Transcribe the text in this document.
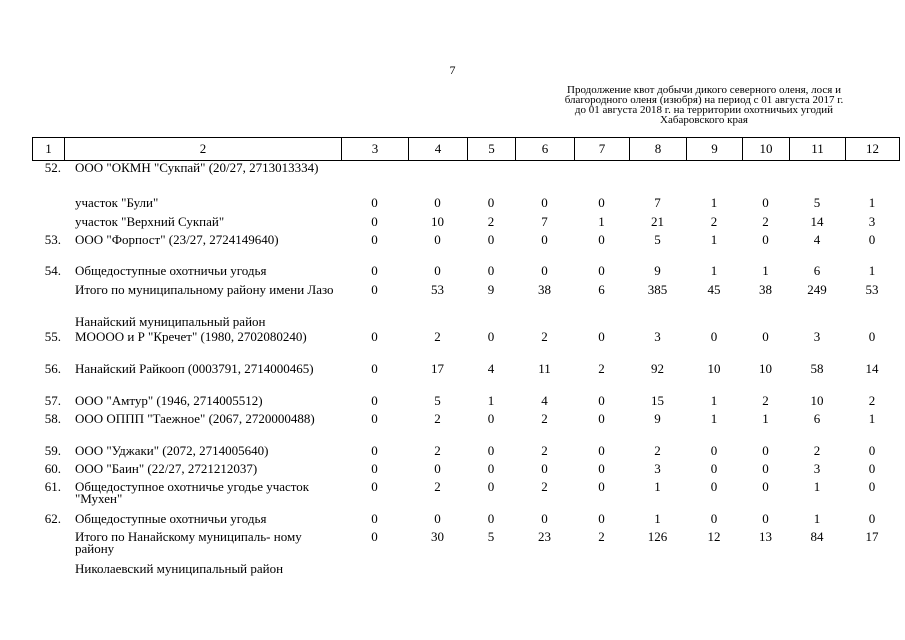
7
Продолжение квот добычи дикого северного оленя, лося и
благородного оленя (изюбря) на период с 01 августа 2017 г.
до 01 августа 2018 г. на территории охотничьих угодий
Хабаровского края
1	2	3	4	5	6	7	8	9	10	11	12
52.	ООО "ОКМН "Сукпай" (20/27, 2713013334)										
	участок "Були"	0	0	0	0	0	7	1	0	5	1
	участок "Верхний Сукпай"	0	10	2	7	1	21	2	2	14	3
53.	ООО "Форпост" (23/27, 2724149640)	0	0	0	0	0	5	1	0	4	0
54.	Общедоступные охотничьи угодья	0	0	0	0	0	9	1	1	6	1
	Итого по муниципальному району имени Лазо	0	53	9	38	6	385	45	38	249	53
	Нанайский муниципальный район										
55.	МОООО и Р "Кречет" (1980, 2702080240)	0	2	0	2	0	3	0	0	3	0
56.	Нанайский Райкооп (0003791, 2714000465)	0	17	4	11	2	92	10	10	58	14
57.	ООО "Амтур" (1946, 2714005512)	0	5	1	4	0	15	1	2	10	2
58.	ООО ОППП "Таежное" (2067, 2720000488)	0	2	0	2	0	9	1	1	6	1
59.	ООО "Уджаки" (2072, 2714005640)	0	2	0	2	0	2	0	0	2	0
60.	ООО "Баин" (22/27, 2721212037)	0	0	0	0	0	3	0	0	3	0
61.	Общедоступное охотничье угодье участок "Мухен"	0	2	0	2	0	1	0	0	1	0
62.	Общедоступные охотничьи угодья	0	0	0	0	0	1	0	0	1	0
	Итого по Нанайскому муниципаль- ному району	0	30	5	23	2	126	12	13	84	17
	Николаевский муниципальный район										
